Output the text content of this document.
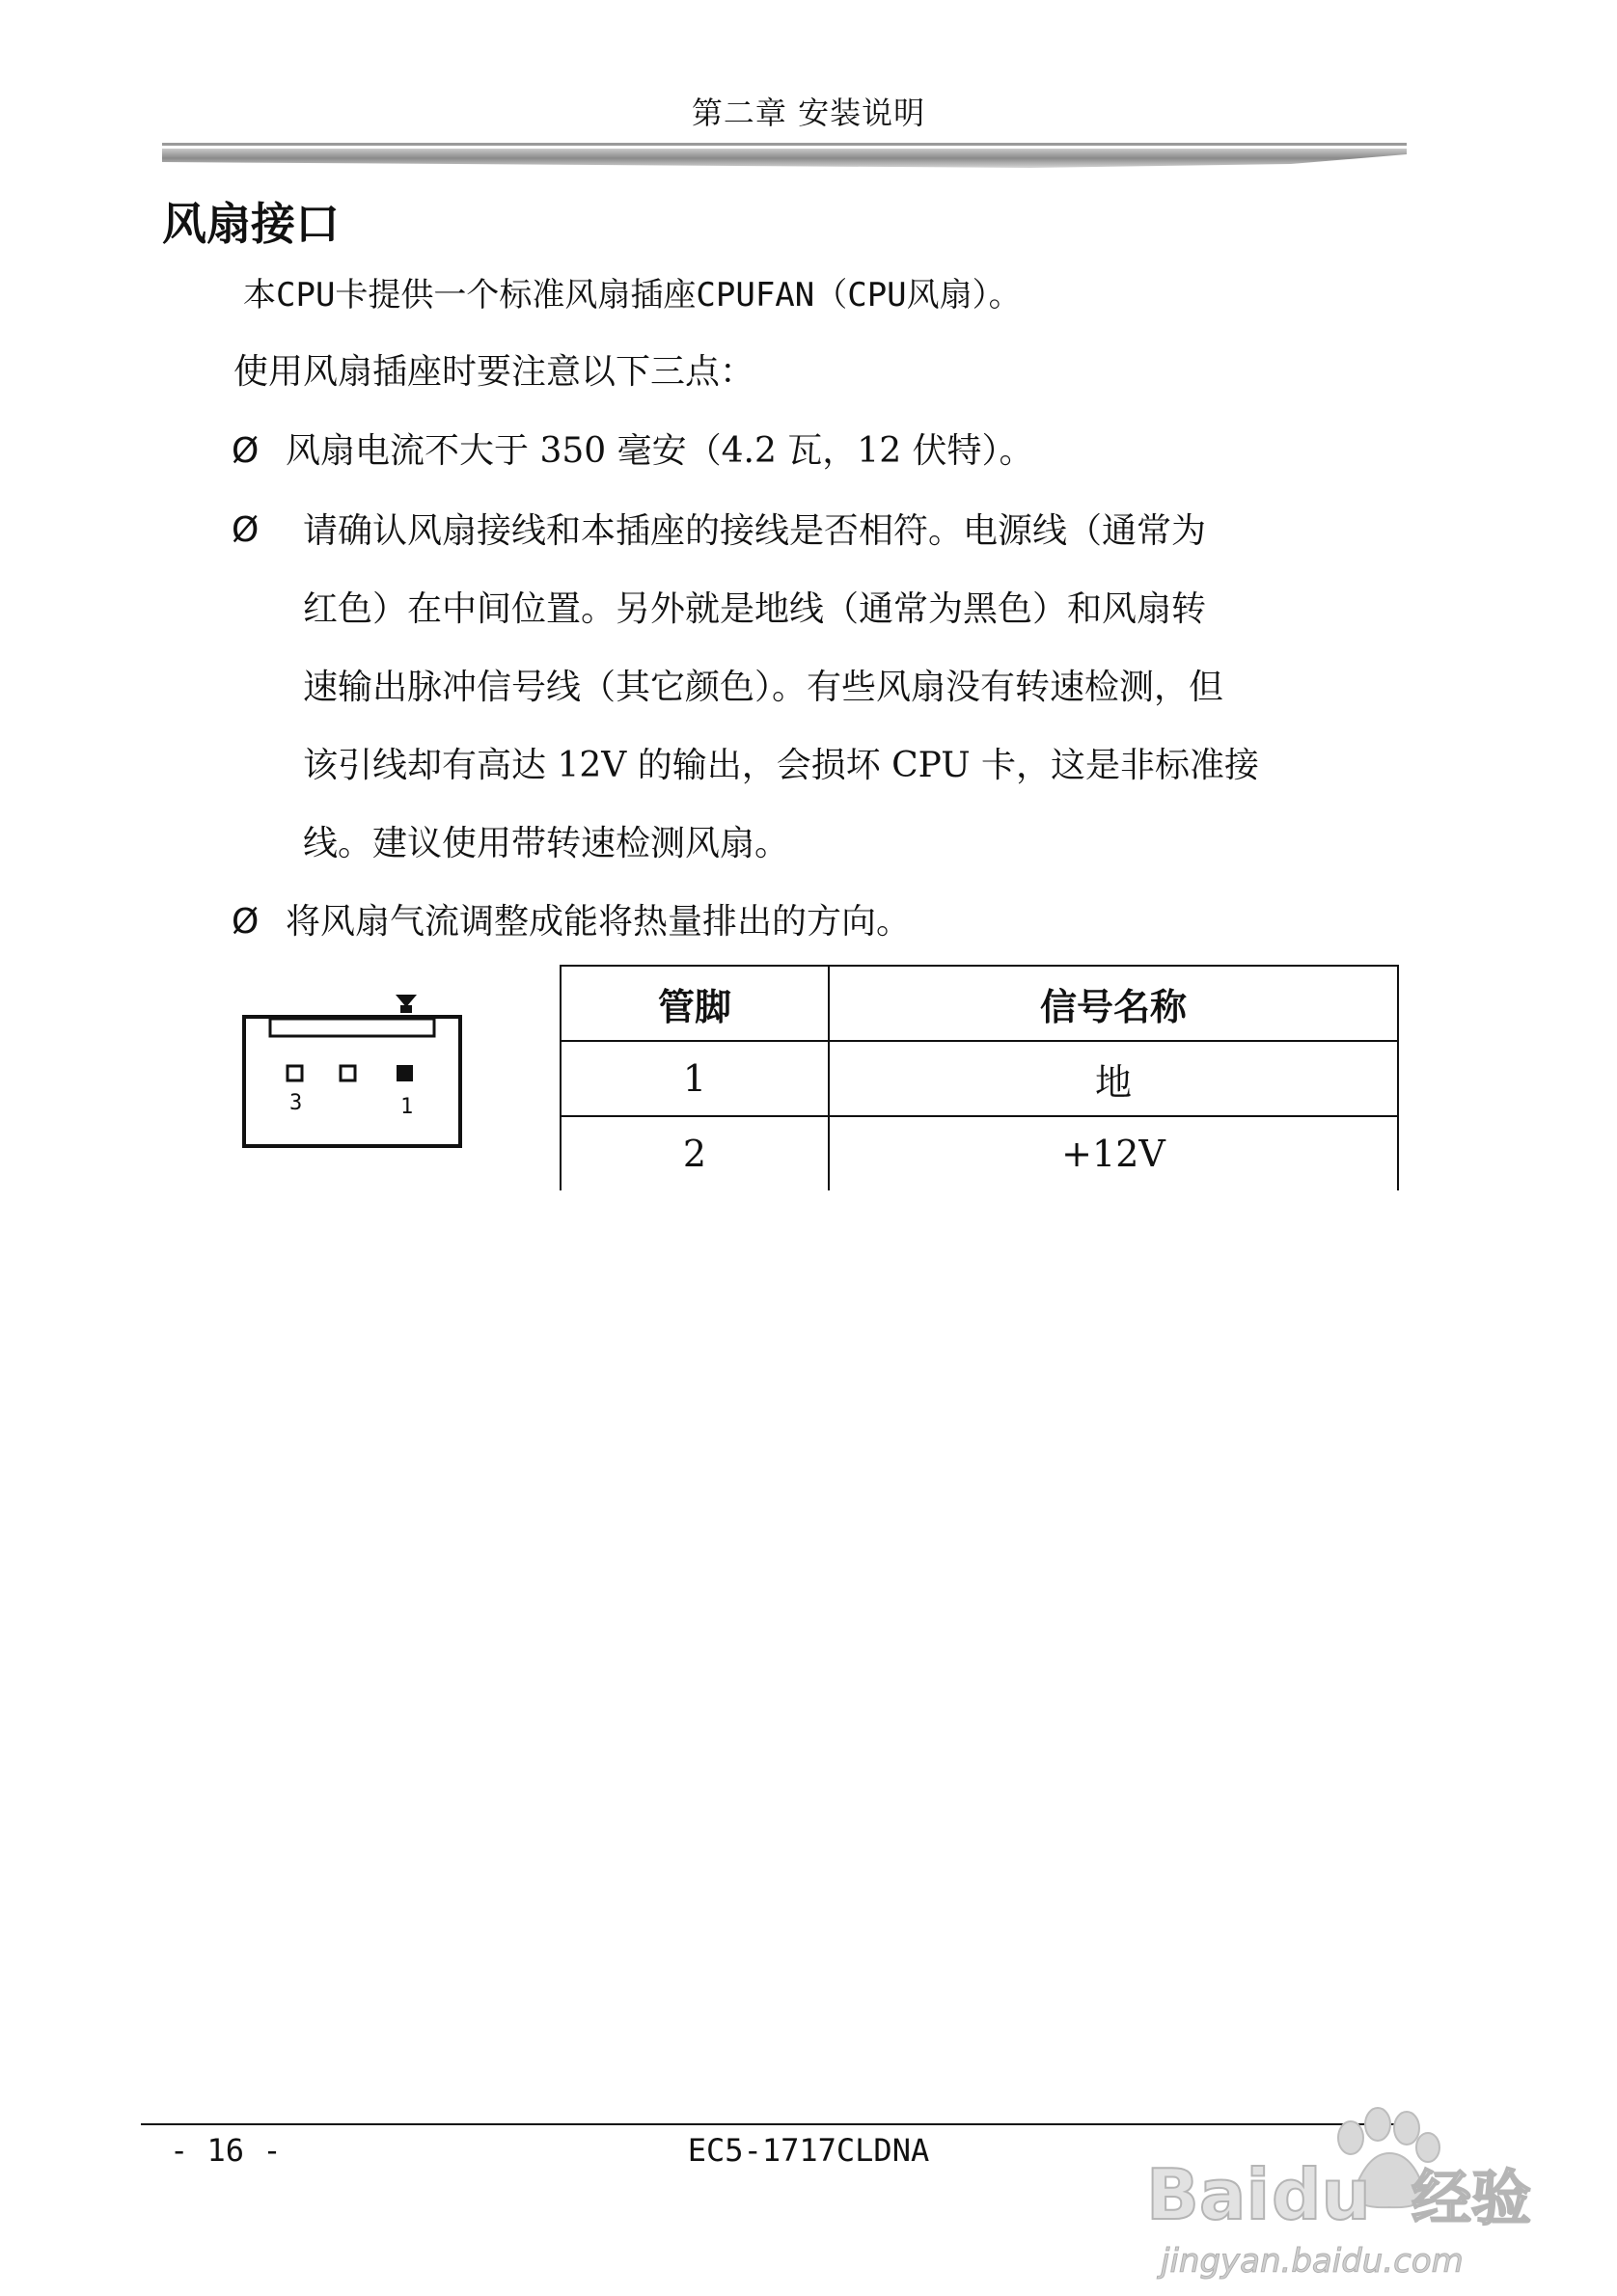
第二章 安装说明
风扇接口
本CPU卡提供一个标准风扇插座CPUFAN（CPU风扇）。
使用风扇插座时要注意以下三点：
Ø 风扇电流不大于 350 毫安（4.2 瓦，12 伏特）。
Ø 请确认风扇接线和本插座的接线是否相符。电源线（通常为
红色）在中间位置。另外就是地线（通常为黑色）和风扇转
速输出脉冲信号线（其它颜色）。有些风扇没有转速检测，但
该引线却有高达 12V 的输出，会损坏 CPU 卡，这是非标准接
线。建议使用带转速检测风扇。
Ø 将风扇气流调整成能将热量排出的方向。
3	1
管脚	信号名称
1	地
2	+12V
- 16 -	EC5-1717CLDNA
Bai du 经验
jingyan.baidu.com
